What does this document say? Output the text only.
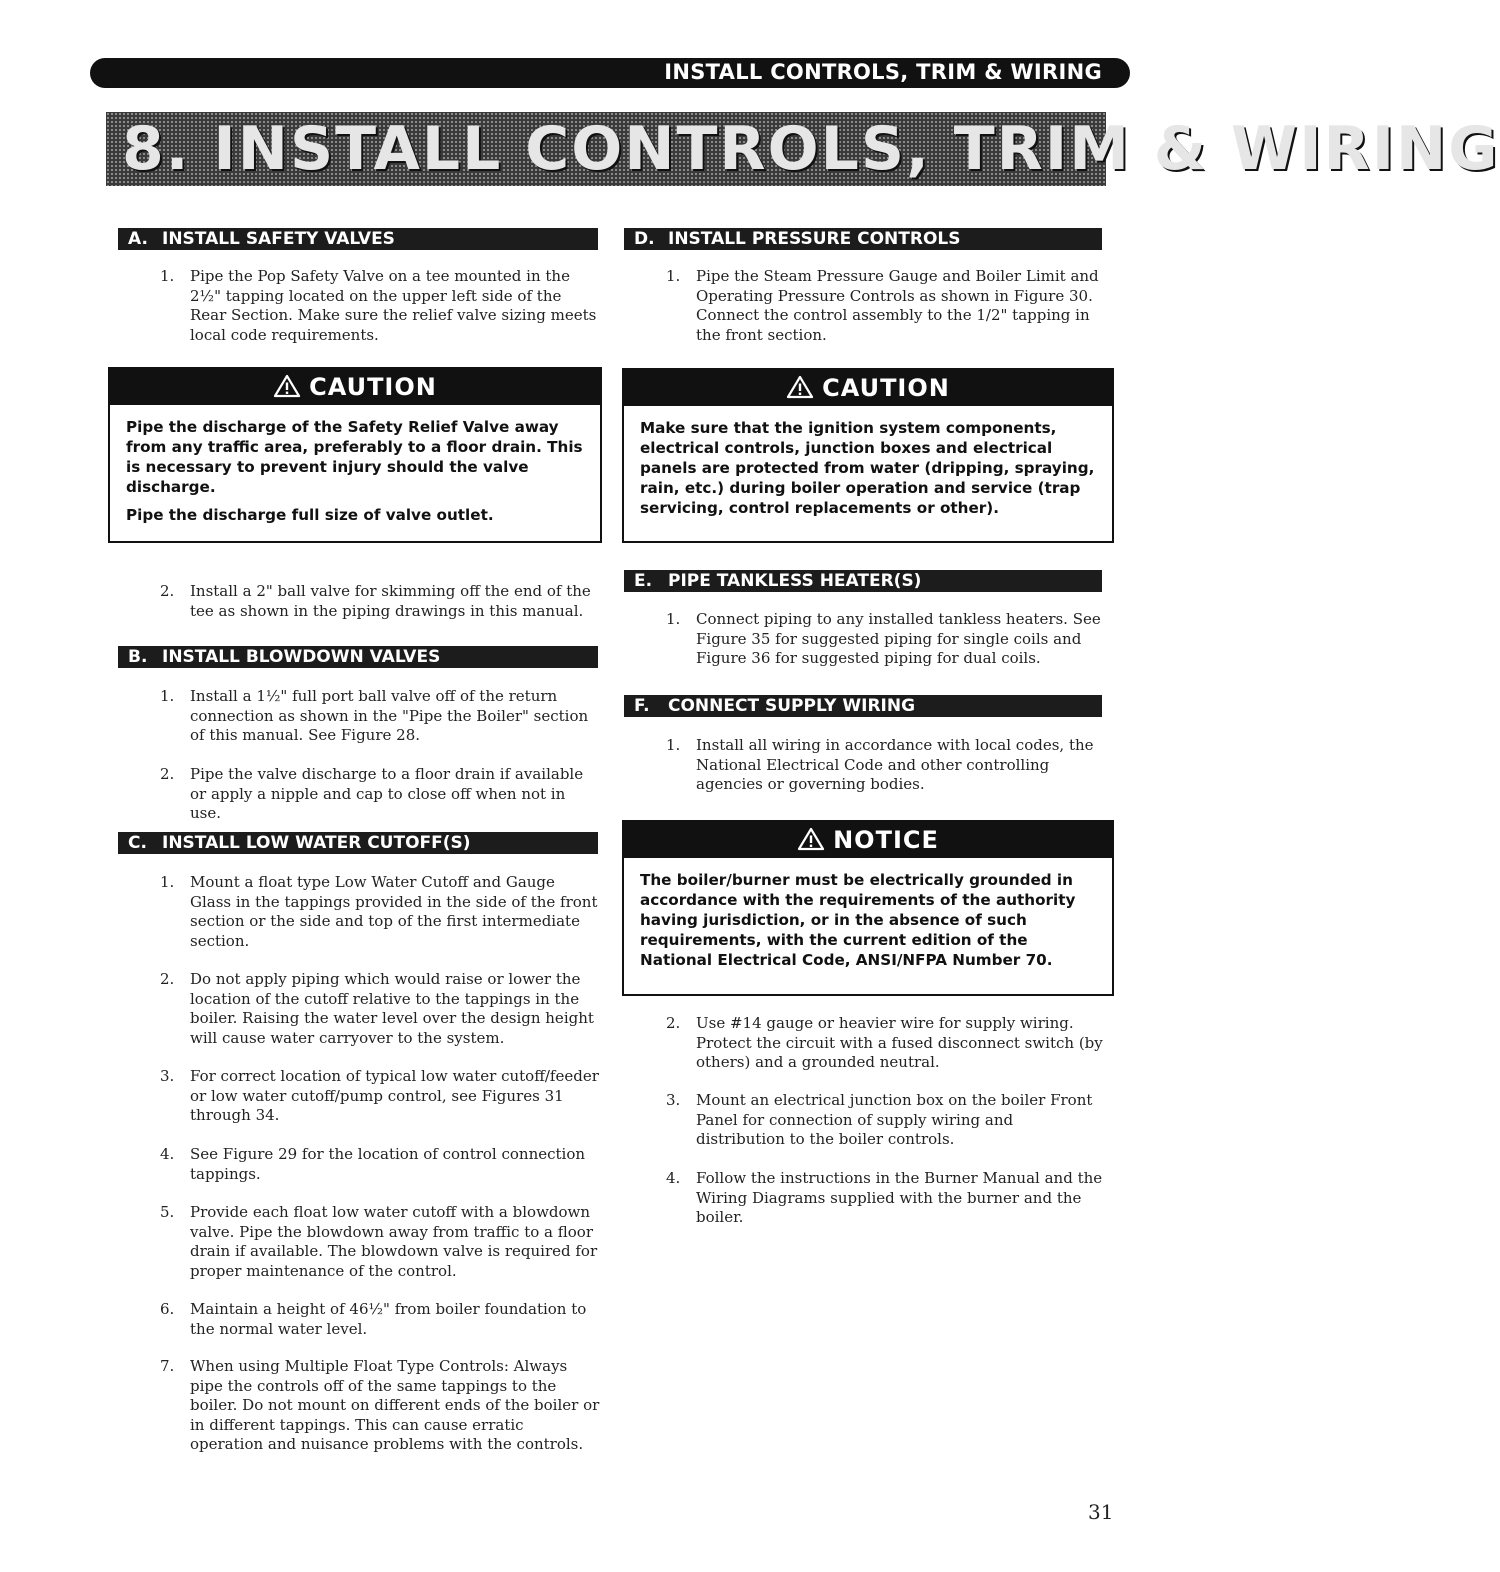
INSTALL CONTROLS, TRIM & WIRING
8. INSTALL CONTROLS, TRIM & WIRING
A. INSTALL SAFETY VALVES
1.	Pipe the Pop Safety Valve on a tee mounted in the 2½" tapping located on the upper left side of the Rear Section. Make sure the relief valve sizing meets local code requirements.
CAUTION

Pipe the discharge of the Safety Relief Valve away from any traffic area, preferably to a floor drain. This is necessary to prevent injury should the valve discharge.

Pipe the discharge full size of valve outlet.

2.	Install a 2" ball valve for skimming off the end of the tee as shown in the piping drawings in this manual.
B. INSTALL BLOWDOWN VALVES
1.	Install a 1½" full port ball valve off of the return connection as shown in the "Pipe the Boiler" section of this manual. See Figure 28.
2.	Pipe the valve discharge to a floor drain if available or apply a nipple and cap to close off when not in use.
C. INSTALL LOW WATER CUTOFF(S)
1.	Mount a float type Low Water Cutoff and Gauge Glass in the tappings provided in the side of the front section or the side and top of the first intermediate section.
2.	Do not apply piping which would raise or lower the location of the cutoff relative to the tappings in the boiler. Raising the water level over the design height will cause water carryover to the system.
3.	For correct location of typical low water cutoff/feeder or low water cutoff/pump control, see Figures 31 through 34.
4.	See Figure 29 for the location of control connection tappings.
5.	Provide each float low water cutoff with a blowdown valve. Pipe the blowdown away from traffic to a floor drain if available. The blowdown valve is required for proper maintenance of the control.
6.	Maintain a height of 46½" from boiler foundation to the normal water level.
7.	When using Multiple Float Type Controls: Always pipe the controls off of the same tappings to the boiler. Do not mount on different ends of the boiler or in different tappings. This can cause erratic operation and nuisance problems with the controls.
D. INSTALL PRESSURE CONTROLS
1.	Pipe the Steam Pressure Gauge and Boiler Limit and Operating Pressure Controls as shown in Figure 30. Connect the control assembly to the 1/2" tapping in the front section.
CAUTION

Make sure that the ignition system components, electrical controls, junction boxes and electrical panels are protected from water (dripping, spraying, rain, etc.) during boiler operation and service (trap servicing, control replacements or other).

E. PIPE TANKLESS HEATER(S)
1.	Connect piping to any installed tankless heaters. See Figure 35 for suggested piping for single coils and Figure 36 for suggested piping for dual coils.
F. CONNECT SUPPLY WIRING
1.	Install all wiring in accordance with local codes, the National Electrical Code and other controlling agencies or governing bodies.
NOTICE

The boiler/burner must be electrically grounded in accordance with the requirements of the authority having jurisdiction, or in the absence of such requirements, with the current edition of the National Electrical Code, ANSI/NFPA Number 70.

2.	Use #14 gauge or heavier wire for supply wiring. Protect the circuit with a fused disconnect switch (by others) and a grounded neutral.
3.	Mount an electrical junction box on the boiler Front Panel for connection of supply wiring and distribution to the boiler controls.
4.	Follow the instructions in the Burner Manual and the Wiring Diagrams supplied with the burner and the boiler.
31
